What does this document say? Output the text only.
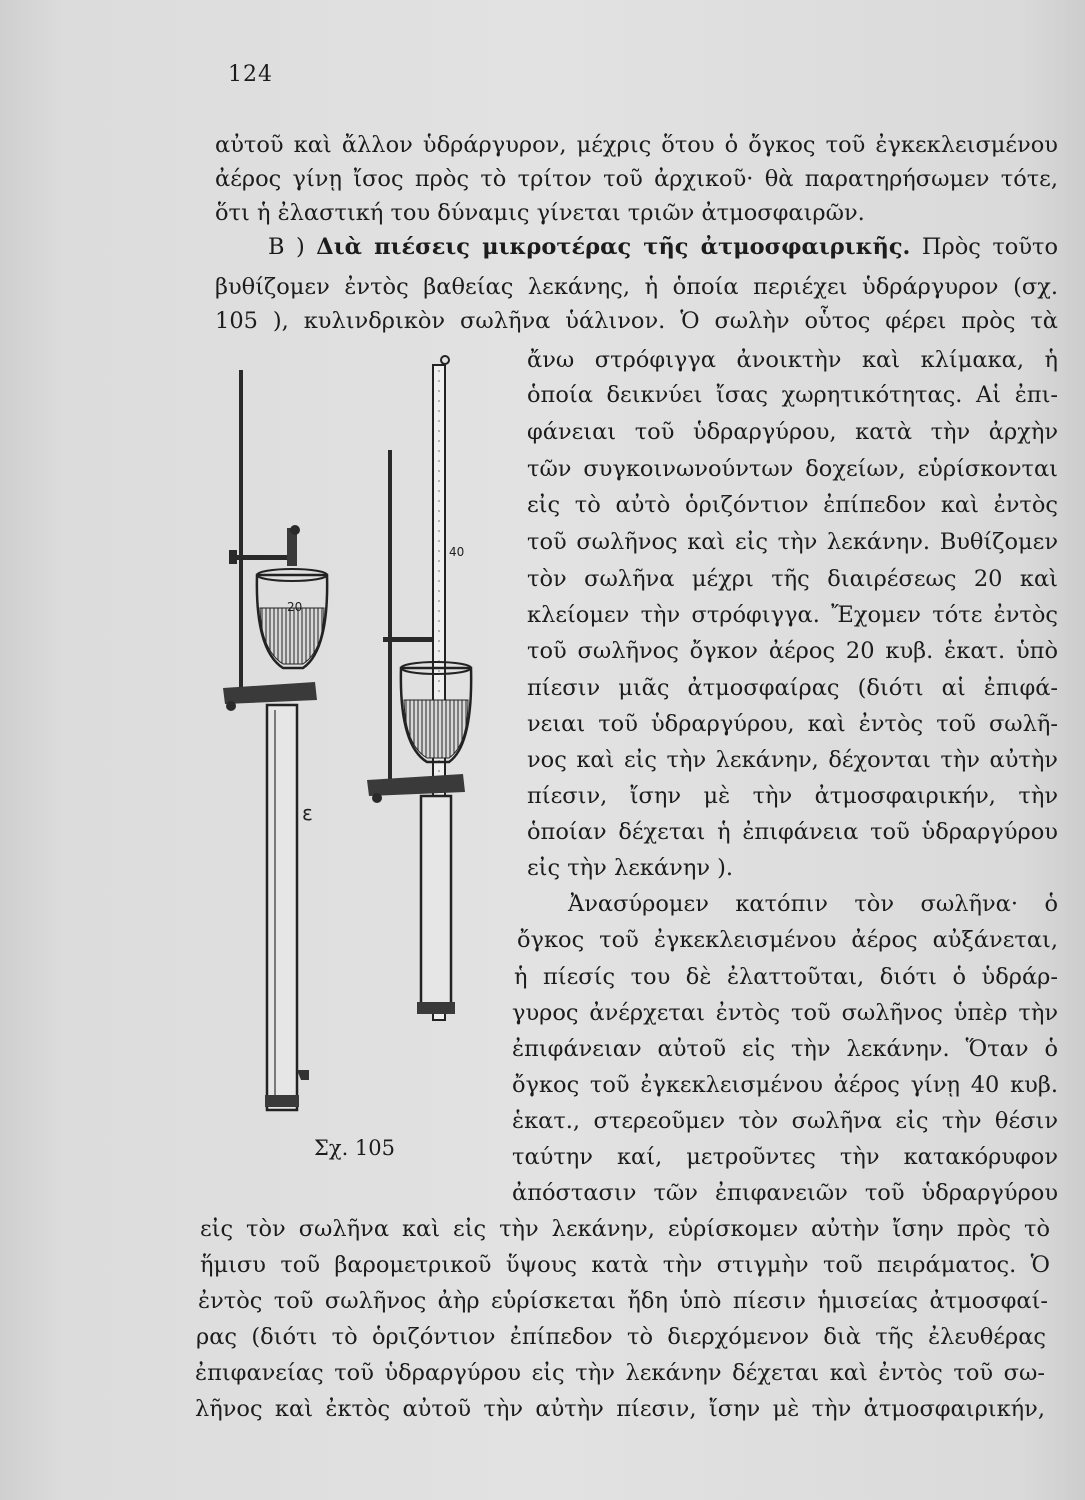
124
αὐτοῦ καὶ ἄλλον ὑδράργυρον, μέχρις ὅτου ὁ ὄγκος τοῦ ἐγκεκλεισμένου
ἀέρος γίνῃ ἴσος πρὸς τὸ τρίτον τοῦ ἀρχικοῦ· θὰ παρατηρήσωμεν τότε,
ὅτι ἡ ἐλαστική του δύναμις γίνεται τριῶν ἀτμοσφαιρῶν.
Β ) Διὰ πιέσεις μικροτέρας τῆς ἀτμοσφαιρικῆς. Πρὸς τοῦτο
βυθίζομεν ἐντὸς βαθείας λεκάνης, ἡ ὁποία περιέχει ὑδράργυρον (σχ.
105 ), κυλινδρικὸν σωλῆνα ὑάλινον. Ὁ σωλὴν οὗτος φέρει πρὸς τὰ
ἄνω στρόφιγγα ἀνοικτὴν καὶ κλίμακα, ἡ
ὁποία δεικνύει ἴσας χωρητικότητας. Αἱ ἐπι-
φάνειαι τοῦ ὑδραργύρου, κατὰ τὴν ἀρχὴν
τῶν συγκοινωνούντων δοχείων, εὑρίσκονται
εἰς τὸ αὐτὸ ὁριζόντιον ἐπίπεδον καὶ ἐντὸς
τοῦ σωλῆνος καὶ εἰς τὴν λεκάνην. Βυθίζομεν
τὸν σωλῆνα μέχρι τῆς διαιρέσεως 20 καὶ
κλείομεν τὴν στρόφιγγα. Ἔχομεν τότε ἐντὸς
τοῦ σωλῆνος ὄγκον ἀέρος 20 κυβ. ἑκατ. ὑπὸ
πίεσιν μιᾶς ἀτμοσφαίρας (διότι αἱ ἐπιφά-
νειαι τοῦ ὑδραργύρου, καὶ ἐντὸς τοῦ σωλῆ-
νος καὶ εἰς τὴν λεκάνην, δέχονται τὴν αὐτὴν
πίεσιν, ἴσην μὲ τὴν ἀτμοσφαιρικήν, τὴν
ὁποίαν δέχεται ἡ ἐπιφάνεια τοῦ ὑδραργύρου
εἰς τὴν λεκάνην ).
Ἀνασύρομεν κατόπιν τὸν σωλῆνα· ὁ
ὄγκος τοῦ ἐγκεκλεισμένου ἀέρος αὐξάνεται,
ἡ πίεσίς του δὲ ἐλαττοῦται, διότι ὁ ὑδράρ-
γυρος ἀνέρχεται ἐντὸς τοῦ σωλῆνος ὑπὲρ τὴν
ἐπιφάνειαν αὐτοῦ εἰς τὴν λεκάνην. Ὅταν ὁ
ὄγκος τοῦ ἐγκεκλεισμένου ἀέρος γίνῃ 40 κυβ.
ἑκατ., στερεοῦμεν τὸν σωλῆνα εἰς τὴν θέσιν
ταύτην καί, μετροῦντες τὴν κατακόρυφον
ἀπόστασιν τῶν ἐπιφανειῶν τοῦ ὑδραργύρου
εἰς τὸν σωλῆνα καὶ εἰς τὴν λεκάνην, εὑρίσκομεν αὐτὴν ἴσην πρὸς τὸ
ἥμισυ τοῦ βαρομετρικοῦ ὕψους κατὰ τὴν στιγμὴν τοῦ πειράματος. Ὁ
ἐντὸς τοῦ σωλῆνος ἀὴρ εὑρίσκεται ἤδη ὑπὸ πίεσιν ἡμισείας ἀτμοσφαί-
ρας (διότι τὸ ὁριζόντιον ἐπίπεδον τὸ διερχόμενον διὰ τῆς ἐλευθέρας
ἐπιφανείας τοῦ ὑδραργύρου εἰς τὴν λεκάνην δέχεται καὶ ἐντὸς τοῦ σω-
λῆνος καὶ ἐκτὸς αὐτοῦ τὴν αὐτὴν πίεσιν, ἴσην μὲ τὴν ἀτμοσφαιρικήν,
ε
20
40
Σχ. 105
